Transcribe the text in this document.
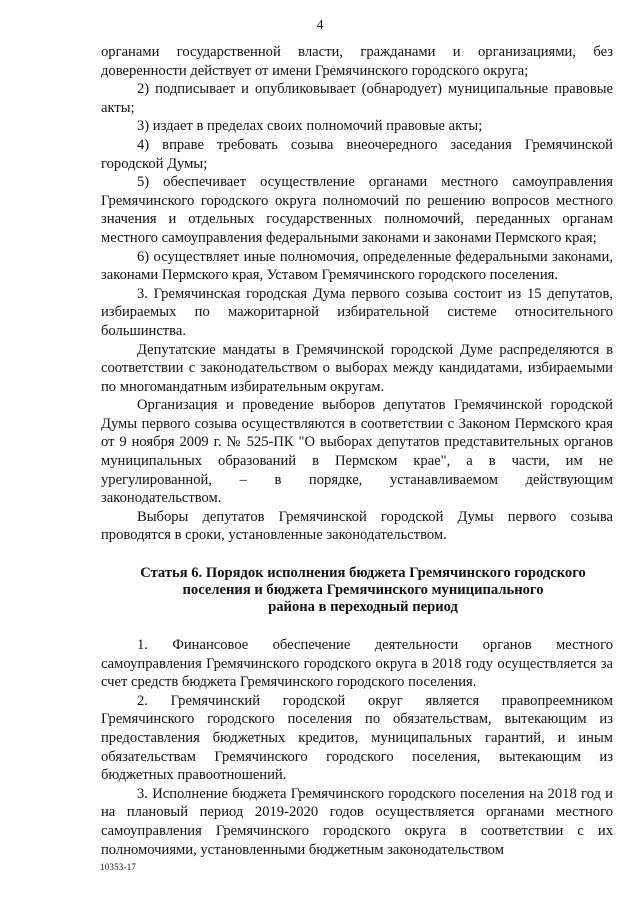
4

органами государственной власти, гражданами и организациями, без доверенности действует от имени Гремячинского городского округа;

2) подписывает и опубликовывает (обнародует) муниципальные правовые акты;

3) издает в пределах своих полномочий правовые акты;

4) вправе требовать созыва внеочередного заседания Гремячинской городской Думы;

5) обеспечивает осуществление органами местного самоуправления Гремячинского городского округа полномочий по решению вопросов местного значения и отдельных государственных полномочий, переданных органам местного самоуправления федеральными законами и законами Пермского края;

6) осуществляет иные полномочия, определенные федеральными законами, законами Пермского края, Уставом Гремячинского городского поселения.

3. Гремячинская городская Дума первого созыва состоит из 15 депутатов, избираемых по мажоритарной избирательной системе относительного большинства.

Депутатские мандаты в Гремячинской городской Думе распределяются в соответствии с законодательством о выборах между кандидатами, избираемыми по многомандатным избирательным округам.

Организация и проведение выборов депутатов Гремячинской городской Думы первого созыва осуществляются в соответствии с Законом Пермского края от 9 ноября 2009 г. № 525-ПК "О выборах депутатов представительных органов муниципальных образований в Пермском крае", а в части, им не урегулированной, – в порядке, устанавливаемом действующим законодательством.

Выборы депутатов Гремячинской городской Думы первого созыва проводятся в сроки, установленные законодательством.

Статья 6. Порядок исполнения бюджета Гремячинского городского
поселения и бюджета Гремячинского муниципального
района в переходный период

1. Финансовое обеспечение деятельности органов местного самоуправления Гремячинского городского округа в 2018 году осуществляется за счет средств бюджета Гремячинского городского поселения.

2. Гремячинский городской округ является правопреемником Гремячинского городского поселения по обязательствам, вытекающим из предоставления бюджетных кредитов, муниципальных гарантий, и иным обязательствам Гремячинского городского поселения, вытекающим из бюджетных правоотношений.

3. Исполнение бюджета Гремячинского городского поселения на 2018 год и на плановый период 2019-2020 годов осуществляется органами местного самоуправления Гремячинского городского округа в соответствии с их полномочиями, установленными бюджетным законодательством

10353-17
